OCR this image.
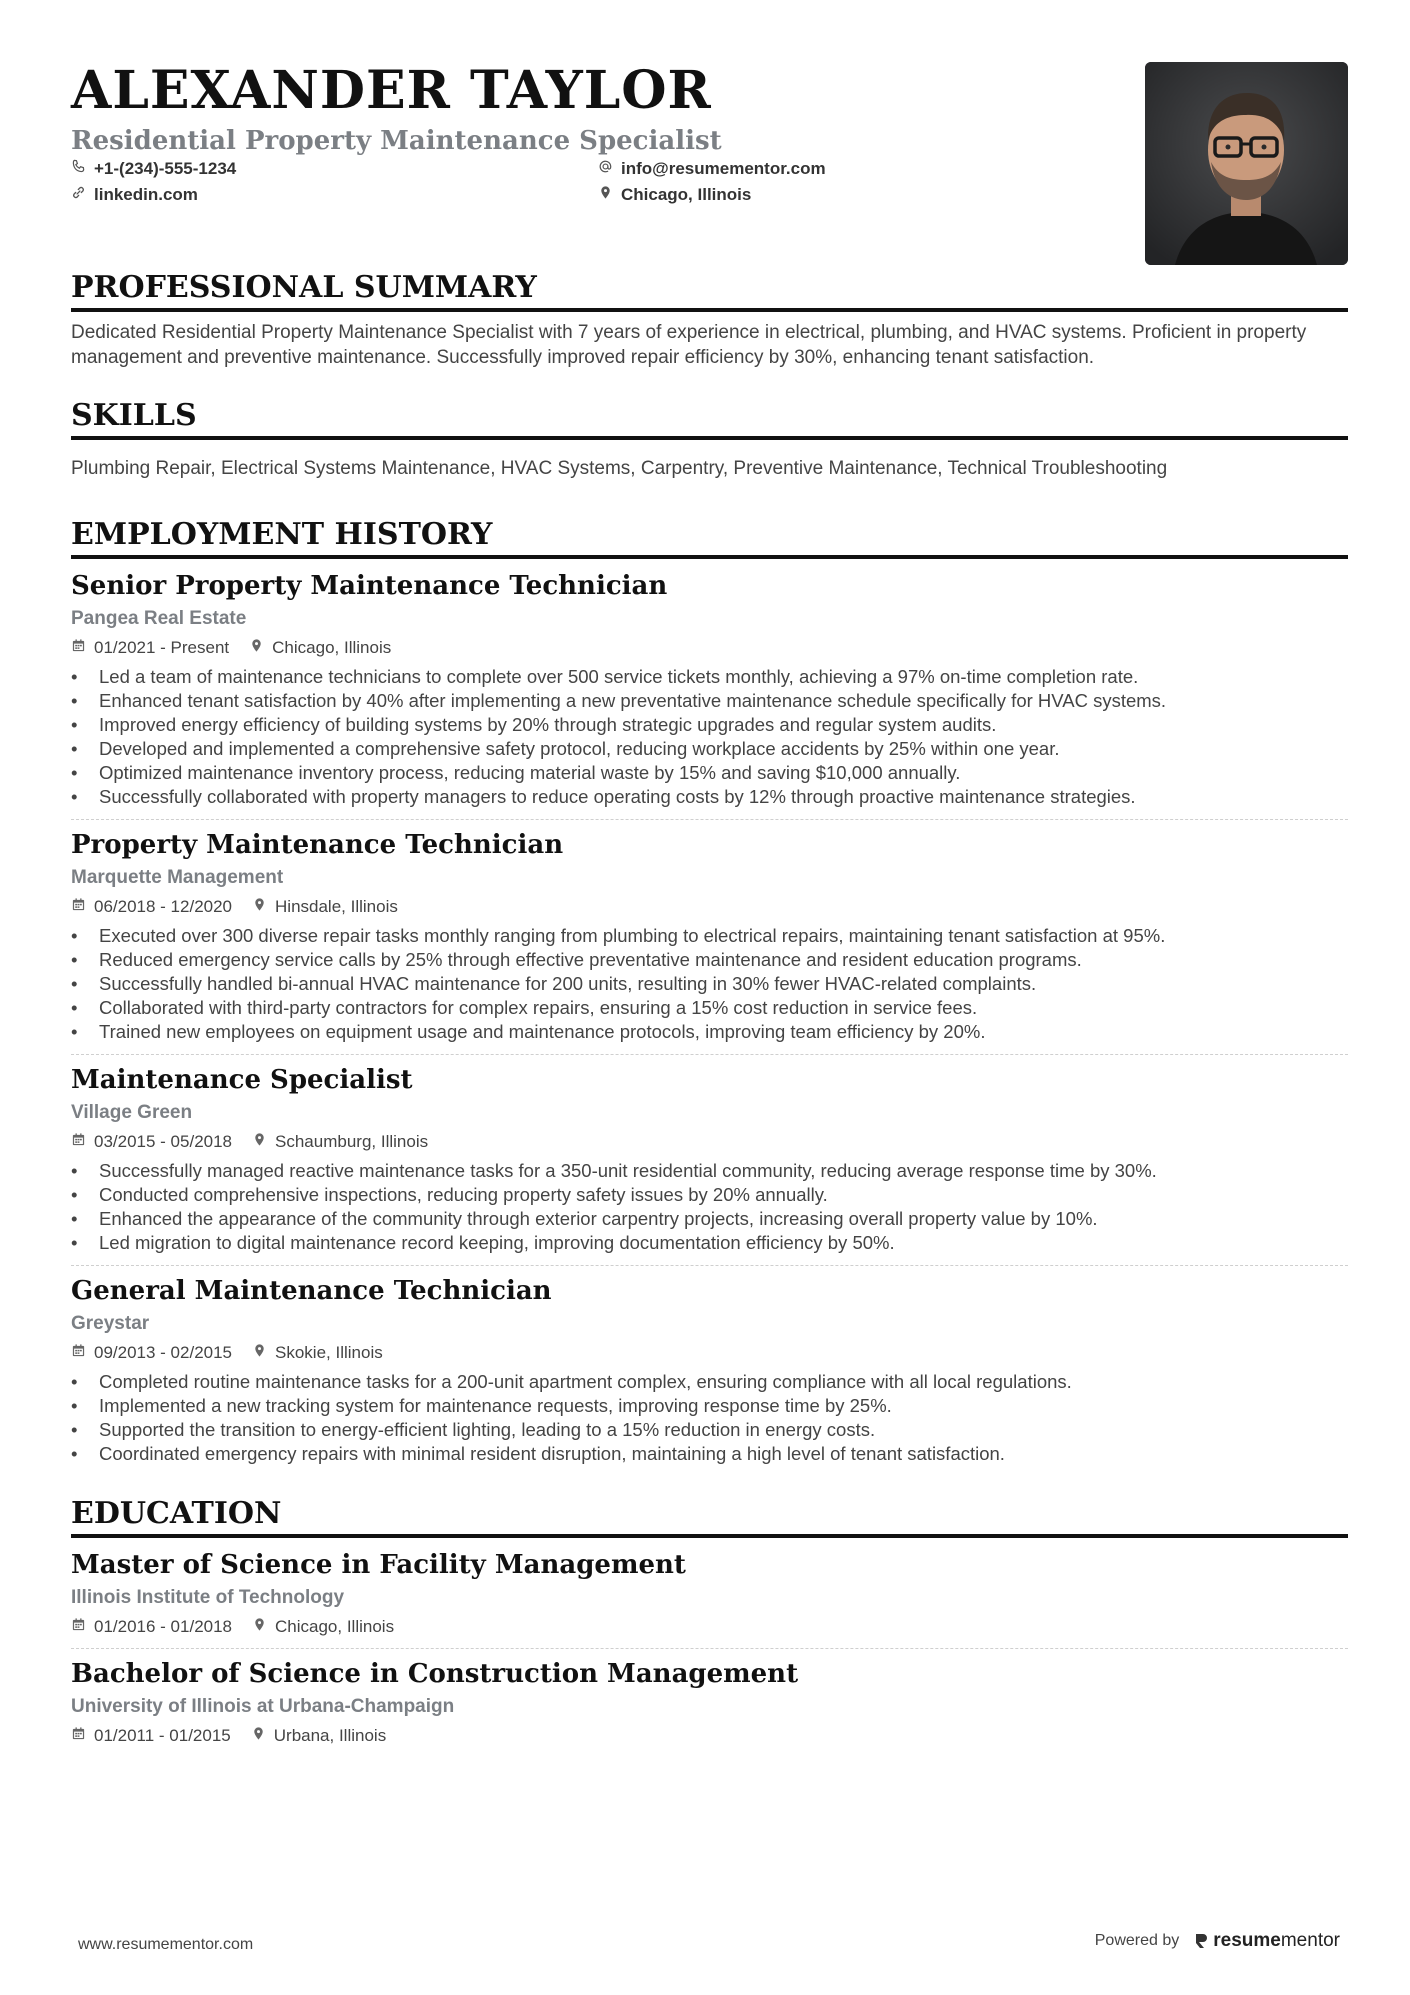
ALEXANDER TAYLOR

Residential Property Maintenance Specialist

+1-(234)-555-1234
linkedin.com
info@resumementor.com
Chicago, Illinois
PROFESSIONAL SUMMARY

Dedicated Residential Property Maintenance Specialist with 7 years of experience in electrical, plumbing, and HVAC systems. Proficient in property management and preventive maintenance. Successfully improved repair efficiency by 30%, enhancing tenant satisfaction.

SKILLS

Plumbing Repair, Electrical Systems Maintenance, HVAC Systems, Carpentry, Preventive Maintenance, Technical Troubleshooting

EMPLOYMENT HISTORY
Senior Property Maintenance Technician

Pangea Real Estate

01/2021 - Present	Chicago, Illinois
• Led a team of maintenance technicians to complete over 500 service tickets monthly, achieving a 97% on-time completion rate.
• Enhanced tenant satisfaction by 40% after implementing a new preventative maintenance schedule specifically for HVAC systems.
• Improved energy efficiency of building systems by 20% through strategic upgrades and regular system audits.
• Developed and implemented a comprehensive safety protocol, reducing workplace accidents by 25% within one year.
• Optimized maintenance inventory process, reducing material waste by 15% and saving $10,000 annually.
• Successfully collaborated with property managers to reduce operating costs by 12% through proactive maintenance strategies.
Property Maintenance Technician

Marquette Management

06/2018 - 12/2020	Hinsdale, Illinois
• Executed over 300 diverse repair tasks monthly ranging from plumbing to electrical repairs, maintaining tenant satisfaction at 95%.
• Reduced emergency service calls by 25% through effective preventative maintenance and resident education programs.
• Successfully handled bi-annual HVAC maintenance for 200 units, resulting in 30% fewer HVAC-related complaints.
• Collaborated with third-party contractors for complex repairs, ensuring a 15% cost reduction in service fees.
• Trained new employees on equipment usage and maintenance protocols, improving team efficiency by 20%.
Maintenance Specialist

Village Green

03/2015 - 05/2018	Schaumburg, Illinois
• Successfully managed reactive maintenance tasks for a 350-unit residential community, reducing average response time by 30%.
• Conducted comprehensive inspections, reducing property safety issues by 20% annually.
• Enhanced the appearance of the community through exterior carpentry projects, increasing overall property value by 10%.
• Led migration to digital maintenance record keeping, improving documentation efficiency by 50%.
General Maintenance Technician

Greystar

09/2013 - 02/2015	Skokie, Illinois
• Completed routine maintenance tasks for a 200-unit apartment complex, ensuring compliance with all local regulations.
• Implemented a new tracking system for maintenance requests, improving response time by 25%.
• Supported the transition to energy-efficient lighting, leading to a 15% reduction in energy costs.
• Coordinated emergency repairs with minimal resident disruption, maintaining a high level of tenant satisfaction.
EDUCATION
Master of Science in Facility Management

Illinois Institute of Technology

01/2016 - 01/2018	Chicago, Illinois
Bachelor of Science in Construction Management

University of Illinois at Urbana-Champaign

01/2011 - 01/2015	Urbana, Illinois
www.resumementor.com	Powered by resumementor
